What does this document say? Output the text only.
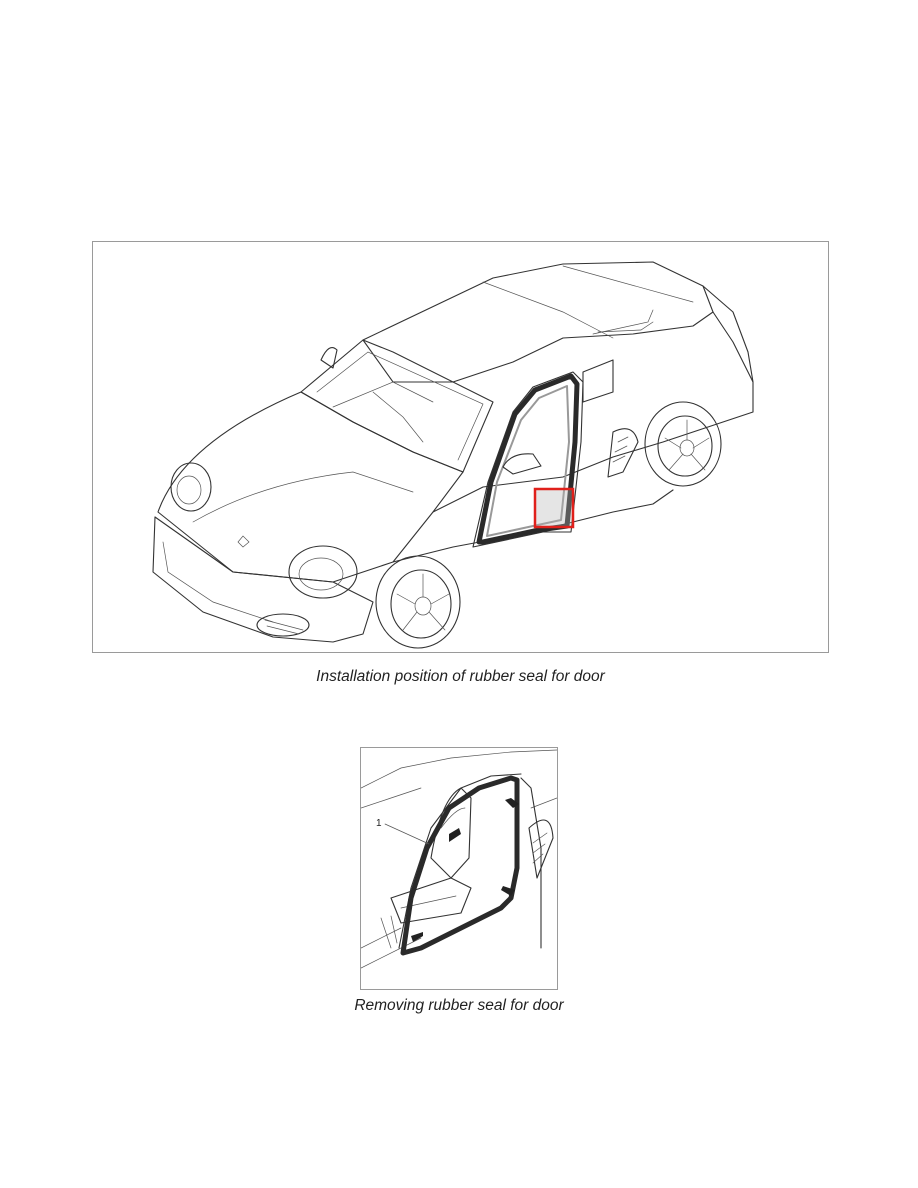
Installation position of rubber seal for door
1
Removing rubber seal for door
